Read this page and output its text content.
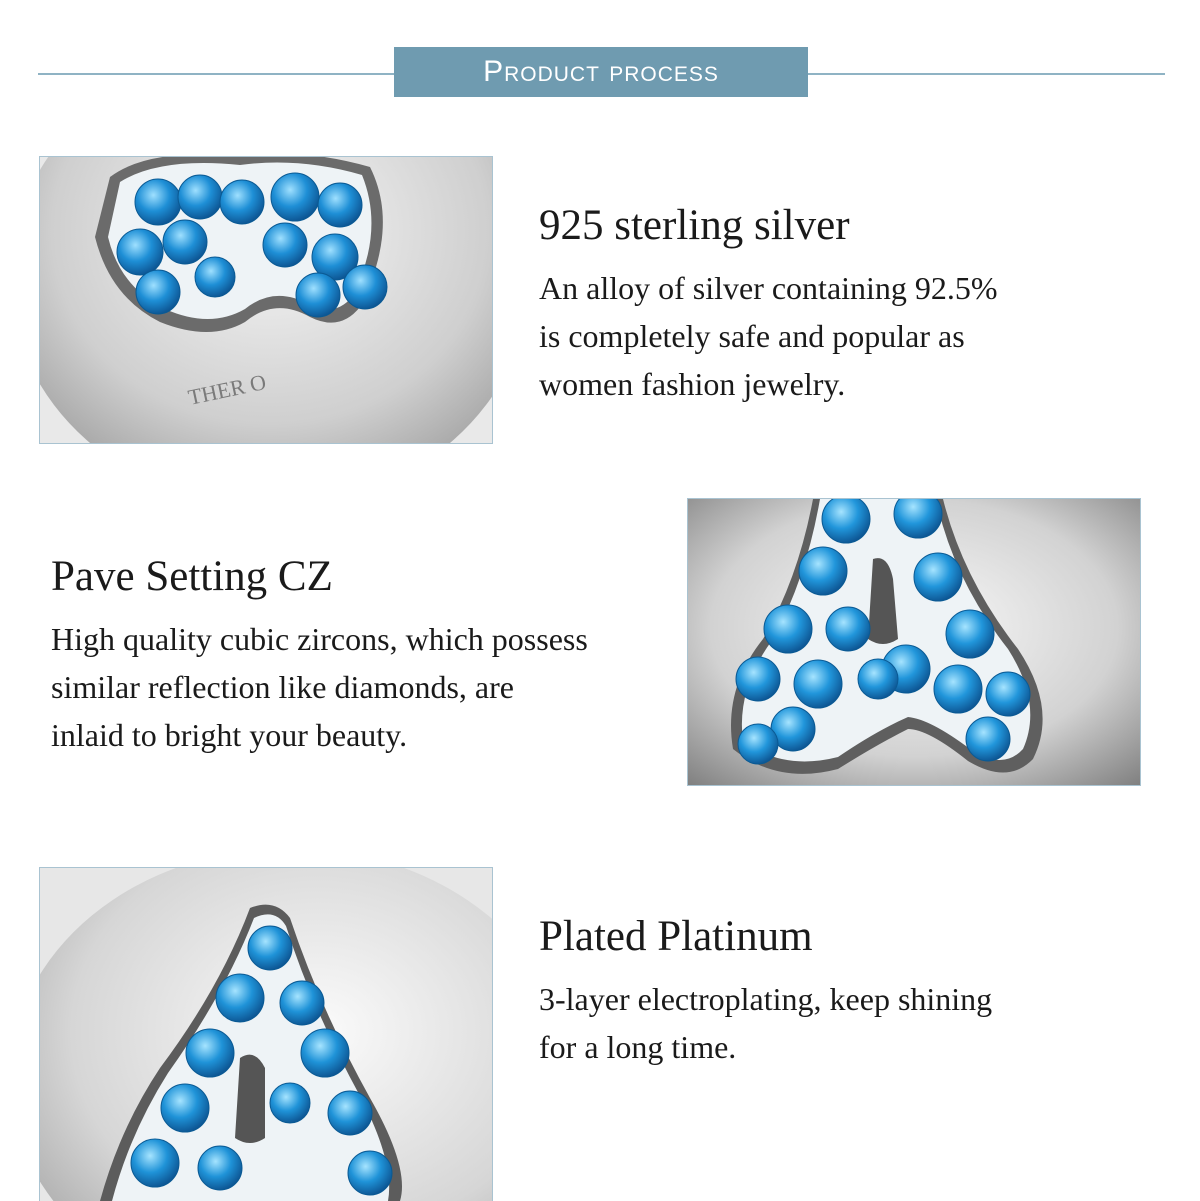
Product process
THER O
925 sterling silver

An alloy of silver containing 92.5%
is completely safe and popular as
women fashion jewelry.

Pave Setting CZ

High quality cubic zircons, which possess
similar reflection like diamonds, are
inlaid to bright your beauty.

Plated Platinum

3-layer electroplating, keep shining
for a long time.
